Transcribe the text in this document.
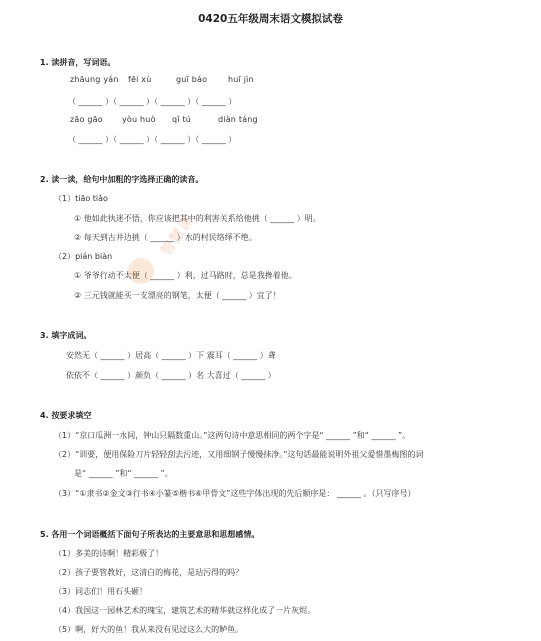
0420五年级周末语文模拟试卷
1. 读拼音，写词语。
zhāung yán fēi xù	guī báo	huī jìn
（ ______ ）（ ______ ）（ ______ ）（ ______ ）
zāo gāo yòu huò qǐ tú	diàn táng
（ ______ ）（ ______ ）（ ______ ）（ ______ ）
2. 读一读，给句中加粗的字选择正确的读音。
（1）tiāo tiǎo
① 他如此执迷不悟，你应该把其中的利害关系给他挑（ ______ ）明。
② 每天到古井边挑（ ______ ）水的村民络绎不绝。
（2）pián biàn
① 爷爷行动不太便（ ______ ）利，过马路时，总是我搀着他。
② 三元钱就能买一支漂亮的钢笔，太便（ ______ ）宜了！
智慧课
3. 填字成词。
安然无（ ______ ）居高（ ______ ）下 震耳（ ______ ）聋
依依不（ ______ ）颜负（ ______ ）名 大喜过（ ______ ）
4. 按要求填空
（1）“京口瓜洲一水间，钟山只隔数重山。”这两句诗中意思相同的两个字是“ ______ ”和“ ______ ”。
（2）“训要，便用保险刀片轻轻刮去污迹，又用细钢子慢慢抹净。”这句话最能说明外祖父爱惜墨梅图的词
是“ ______ ”和“ ______ ”。
（3）“①隶书②金文③行书④小篆⑤楷书⑥甲骨文”这些字体出现的先后顺序是： ______ 。（只写序号）
5. 各用一个词语概括下面句子所表达的主要意思和思想感情。
（1）多美的诗啊！精彩极了！
（2）孩子要管教好，这清白的梅花，是玷污得的吗？
（3）同志们！用石头砸！
（4）我国这一园林艺术的瑰宝，建筑艺术的精华就这样化成了一片灰烬。
（5）啊，好大的鱼！我从来没有见过这么大的鲈鱼。
